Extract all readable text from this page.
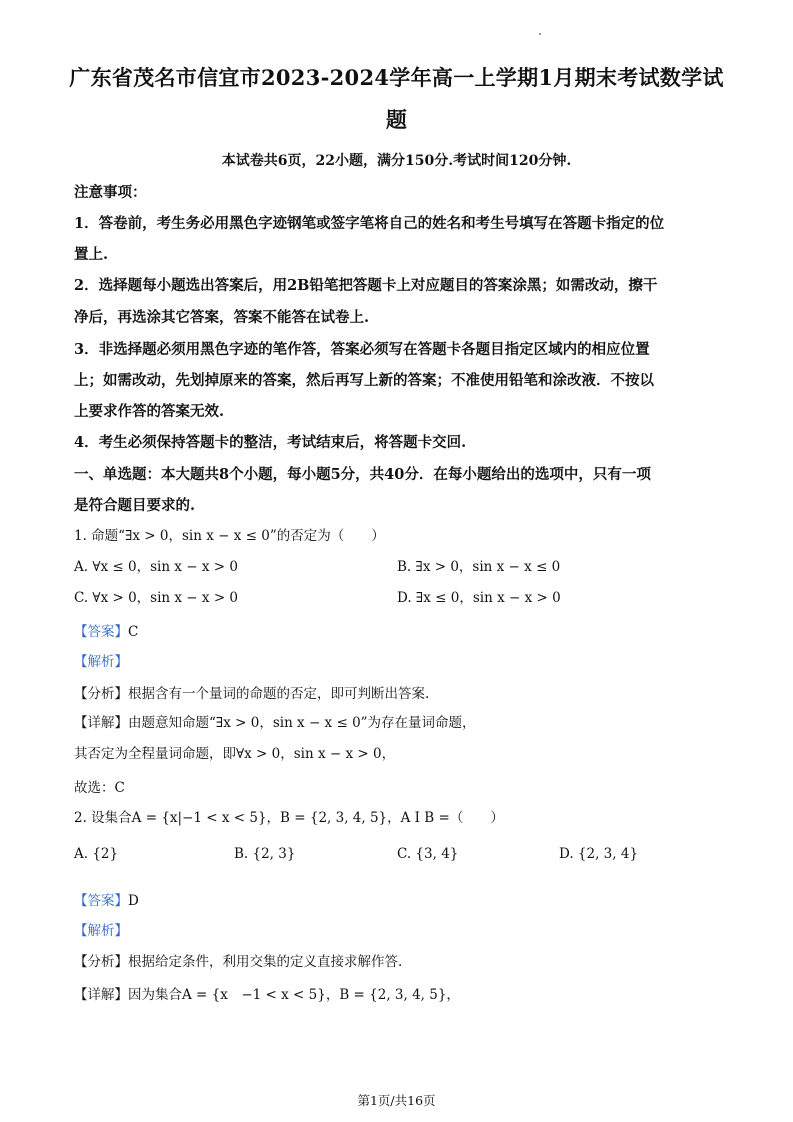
广东省茂名市信宜市2023-2024学年高一上学期1月期末考试数学试
题
本试卷共6页，22小题，满分150分.考试时间120分钟.
注意事项：
1．答卷前，考生务必用黑色字迹钢笔或签字笔将自己的姓名和考生号填写在答题卡指定的位
置上.
2．选择题每小题选出答案后，用2B铅笔把答题卡上对应题目的答案涂黑；如需改动，擦干
净后，再选涂其它答案，答案不能答在试卷上.
3．非选择题必须用黑色字迹的笔作答，答案必须写在答题卡各题目指定区域内的相应位置
上；如需改动，先划掉原来的答案，然后再写上新的答案；不准使用铅笔和涂改液．不按以
上要求作答的答案无效.
4．考生必须保持答题卡的整洁，考试结束后，将答题卡交回.
一、单选题：本大题共8个小题，每小题5分，共40分．在每小题给出的选项中，只有一项
是符合题目要求的.
1. 命题“∃x > 0，sin x − x ≤ 0”的否定为（　　）
A. ∀x ≤ 0，sin x − x > 0	B. ∃x > 0，sin x − x ≤ 0
C. ∀x > 0，sin x − x > 0	D. ∃x ≤ 0，sin x − x > 0
【答案】C
【解析】
【分析】根据含有一个量词的命题的否定，即可判断出答案.
【详解】由题意知命题“∃x > 0，sin x − x ≤ 0”为存在量词命题，
其否定为全程量词命题，即∀x > 0，sin x − x > 0，
故选：C
2. 设集合A = {x|−1 < x < 5}，B = {2, 3, 4, 5}，A I B =（　　）
A. {2}	B. {2, 3}	C. {3, 4}	D. {2, 3, 4}
【答案】D
【解析】
【分析】根据给定条件，利用交集的定义直接求解作答.
【详解】因为集合A = {x　−1 < x < 5}，B = {2, 3, 4, 5}，
第1页/共16页
